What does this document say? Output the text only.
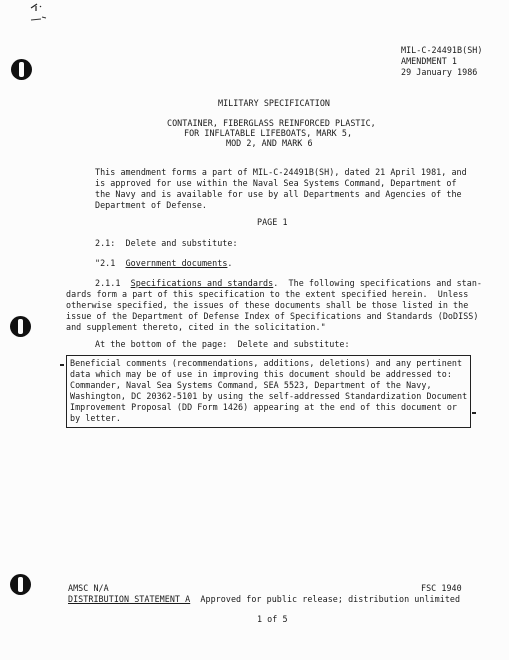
MIL-C-24491B(SH)
AMENDMENT 1
29 January 1986
MILITARY SPECIFICATION
CONTAINER, FIBERGLASS REINFORCED PLASTIC,
FOR INFLATABLE LIFEBOATS, MARK 5,
MOD 2, AND MARK 6
This amendment forms a part of MIL-C-24491B(SH), dated 21 April 1981, and
is approved for use within the Naval Sea Systems Command, Department of
the Navy and is available for use by all Departments and Agencies of the
Department of Defense.
PAGE 1
2.1:  Delete and substitute:
"2.1  Government documents.
2.1.1  Specifications and standards.  The following specifications and stan-
dards form a part of this specification to the extent specified herein.  Unless
otherwise specified, the issues of these documents shall be those listed in the
issue of the Department of Defense Index of Specifications and Standards (DoDISS)
and supplement thereto, cited in the solicitation."
At the bottom of the page:  Delete and substitute:
Beneficial comments (recommendations, additions, deletions) and any pertinent
data which may be of use in improving this document should be addressed to:
Commander, Naval Sea Systems Command, SEA 5523, Department of the Navy,
Washington, DC 20362-5101 by using the self-addressed Standardization Document
Improvement Proposal (DD Form 1426) appearing at the end of this document or
by letter.
AMSC N/A	FSC 1940
DISTRIBUTION STATEMENT A  Approved for public release; distribution unlimited
1 of 5
